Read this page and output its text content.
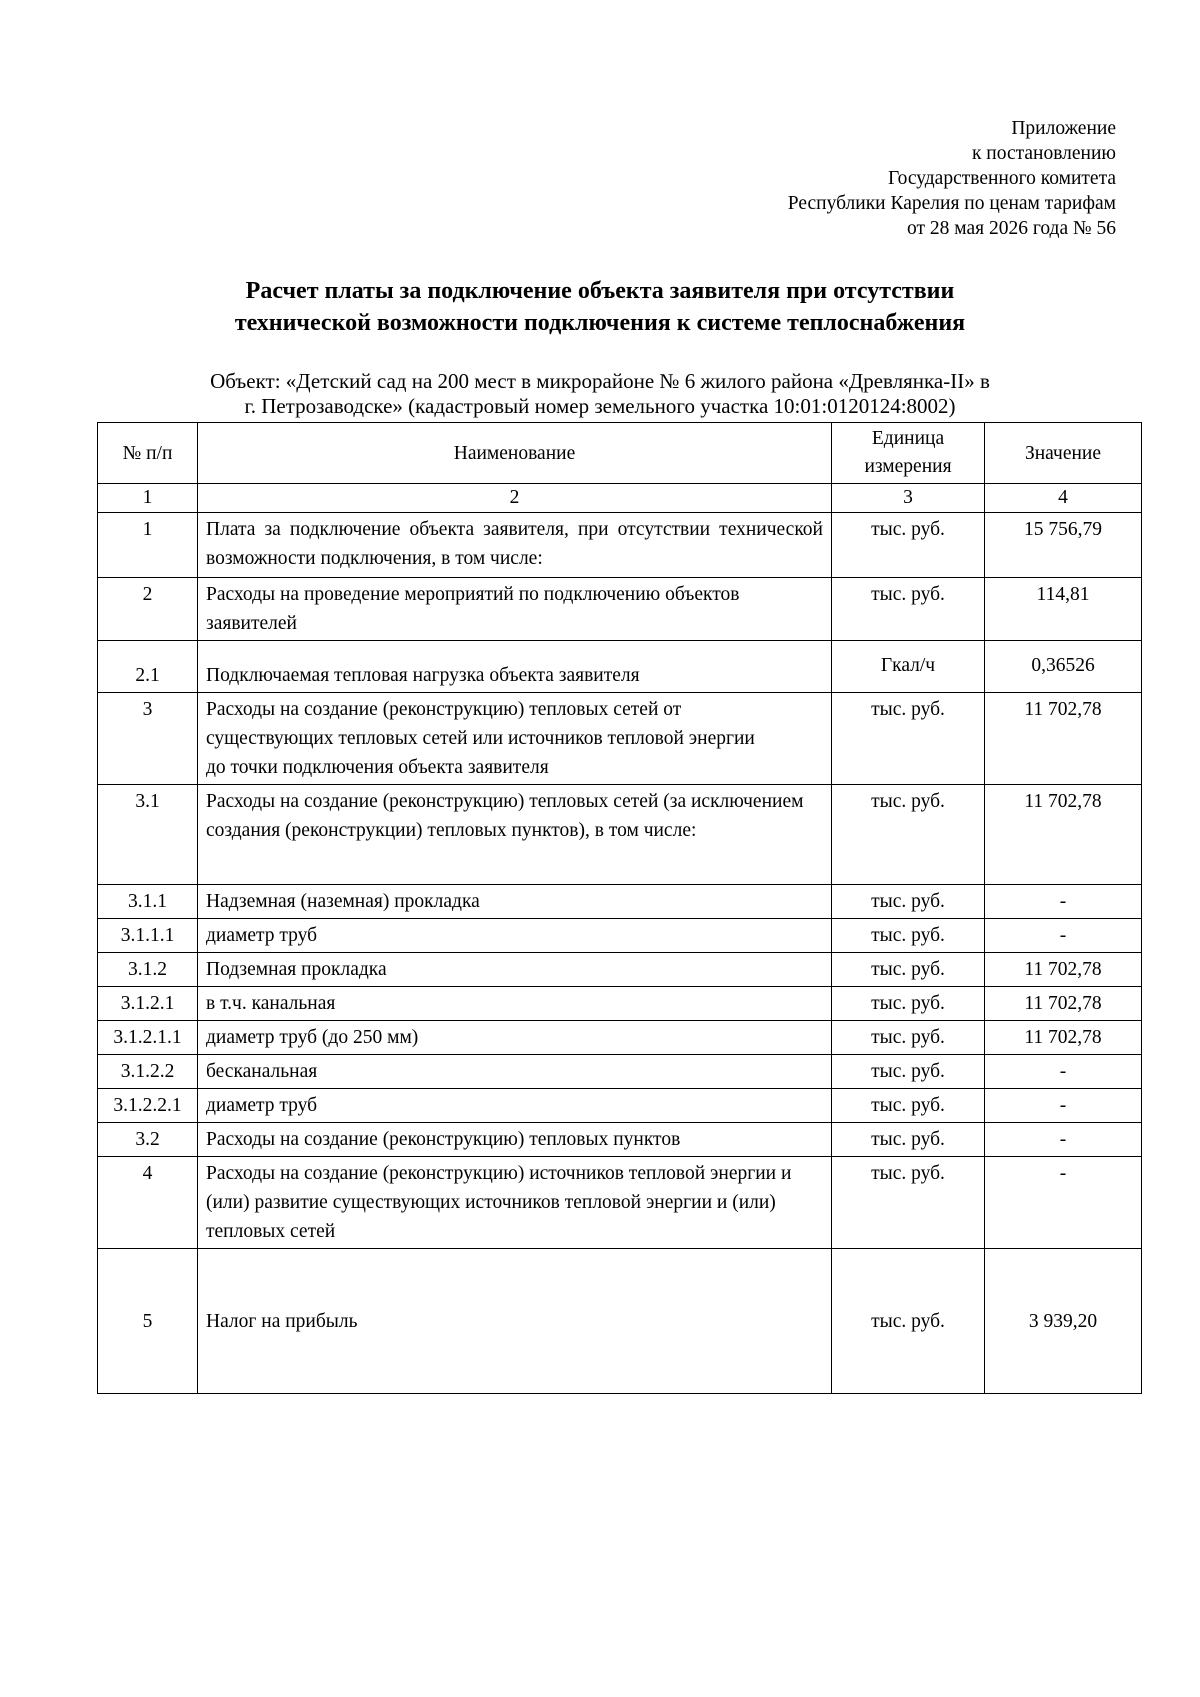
Приложение
к постановлению
Государственного комитета
Республики Карелия по ценам тарифам
от 28 мая 2026 года № 56
Расчет платы за подключение объекта заявителя при отсутствии
технической возможности подключения к системе теплоснабжения
Объект: «Детский сад на 200 мест в микрорайоне № 6 жилого района «Древлянка-II» в
г. Петрозаводске» (кадастровый номер земельного участка 10:01:0120124:8002)
№ п/п	Наименование	Единица измерения	Значение
1	2	3	4
1	Плата за подключение объекта заявителя, при отсутствии технической возможности подключения, в том числе:	тыс. руб.	15 756,79
2	Расходы на проведение мероприятий по подключению объектов заявителей	тыс. руб.	114,81
2.1	Подключаемая тепловая нагрузка объекта заявителя	Гкал/ч	0,36526
3	Расходы на создание (реконструкцию) тепловых сетей от существующих тепловых сетей или источников тепловой энергии до точки подключения объекта заявителя	тыс. руб.	11 702,78
3.1	Расходы на создание (реконструкцию) тепловых сетей (за исключением создания (реконструкции) тепловых пунктов), в том числе:	тыс. руб.	11 702,78
3.1.1	Надземная (наземная) прокладка	тыс. руб.	-
3.1.1.1	диаметр труб	тыс. руб.	-
3.1.2	Подземная прокладка	тыс. руб.	11 702,78
3.1.2.1	в т.ч. канальная	тыс. руб.	11 702,78
3.1.2.1.1	диаметр труб (до 250 мм)	тыс. руб.	11 702,78
3.1.2.2	бесканальная	тыс. руб.	-
3.1.2.2.1	диаметр труб	тыс. руб.	-
3.2	Расходы на создание (реконструкцию) тепловых пунктов	тыс. руб.	-
4	Расходы на создание (реконструкцию) источников тепловой энергии и (или) развитие существующих источников тепловой энергии и (или) тепловых сетей	тыс. руб.	-
5	Налог на прибыль	тыс. руб.	3 939,20
